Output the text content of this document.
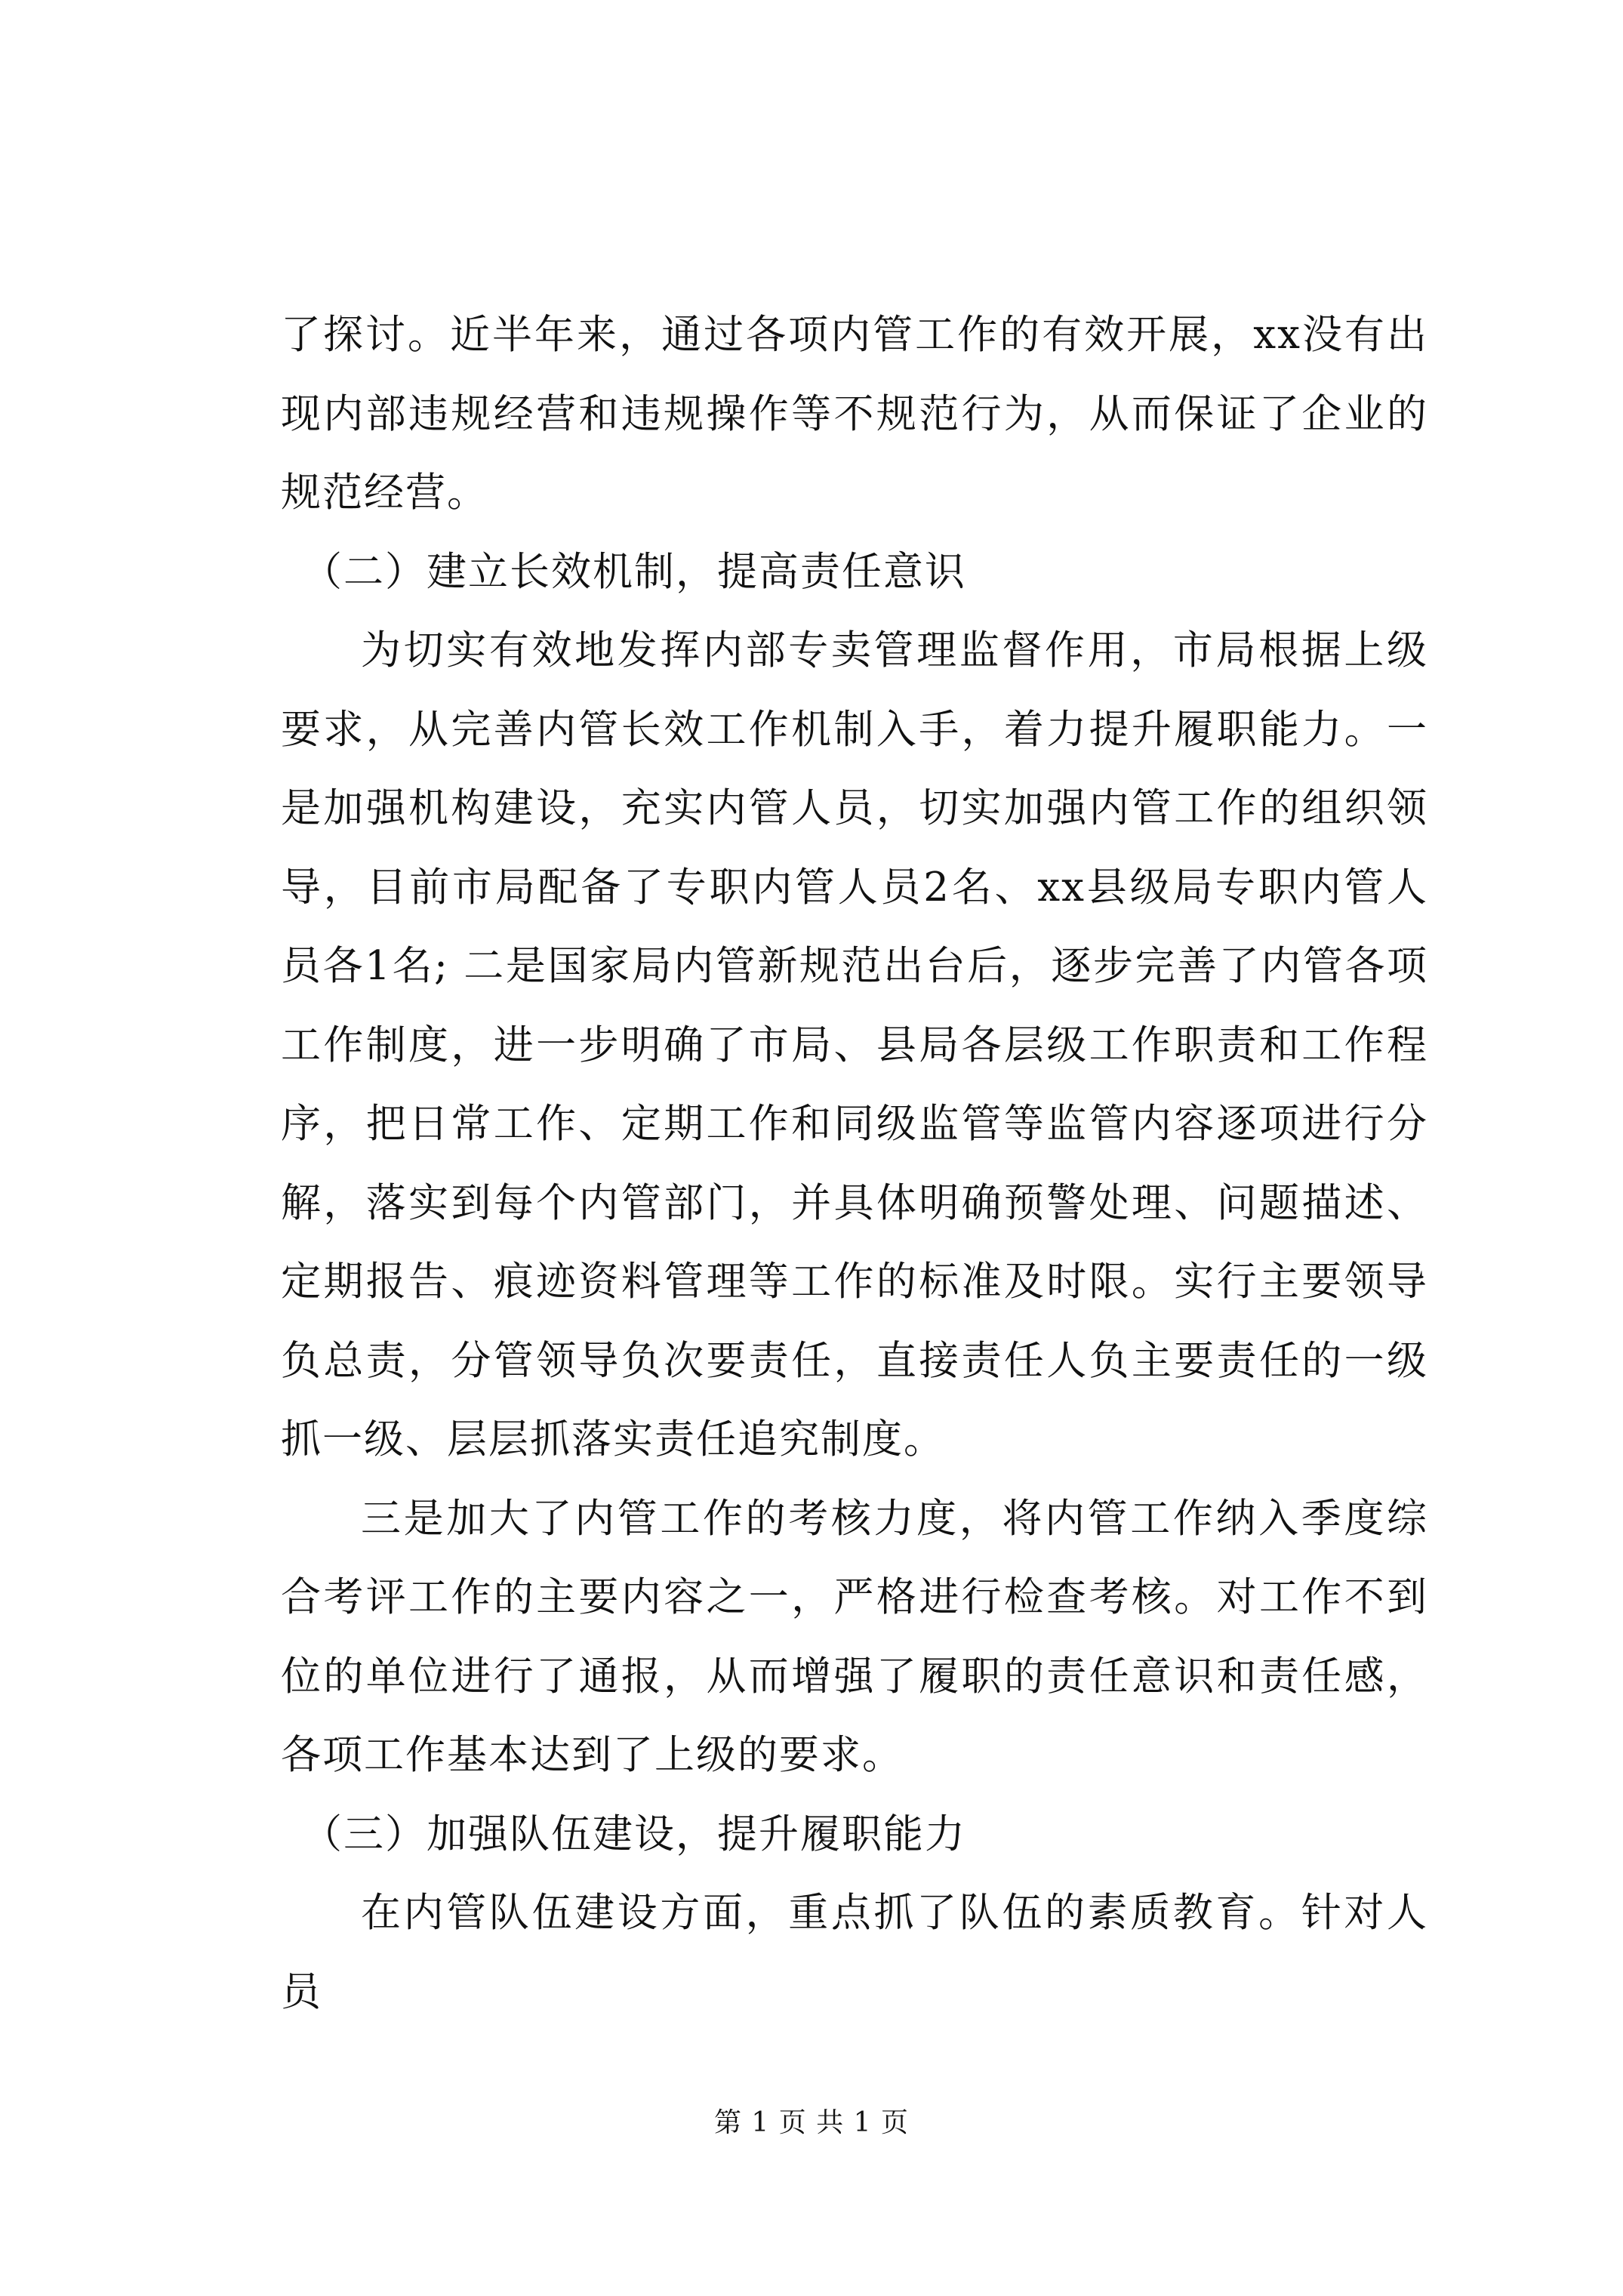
了探讨。近半年来，通过各项内管工作的有效开展，xx没有出现内部违规经营和违规操作等不规范行为，从而保证了企业的规范经营。

（二）建立长效机制，提高责任意识

为切实有效地发挥内部专卖管理监督作用，市局根据上级要求，从完善内管长效工作机制入手，着力提升履职能力。一是加强机构建设，充实内管人员，切实加强内管工作的组织领导，目前市局配备了专职内管人员2名、xx县级局专职内管人员各1名; 二是国家局内管新规范出台后，逐步完善了内管各项工作制度，进一步明确了市局、县局各层级工作职责和工作程序，把日常工作、定期工作和同级监管等监管内容逐项进行分解，落实到每个内管部门，并具体明确预警处理、问题描述、定期报告、痕迹资料管理等工作的标准及时限。实行主要领导负总责，分管领导负次要责任，直接责任人负主要责任的一级抓一级、层层抓落实责任追究制度。

三是加大了内管工作的考核力度，将内管工作纳入季度综合考评工作的主要内容之一，严格进行检查考核。对工作不到位的单位进行了通报，从而增强了履职的责任意识和责任感，各项工作基本达到了上级的要求。

（三）加强队伍建设，提升履职能力

在内管队伍建设方面，重点抓了队伍的素质教育。针对人员

第 1 页 共 1 页
